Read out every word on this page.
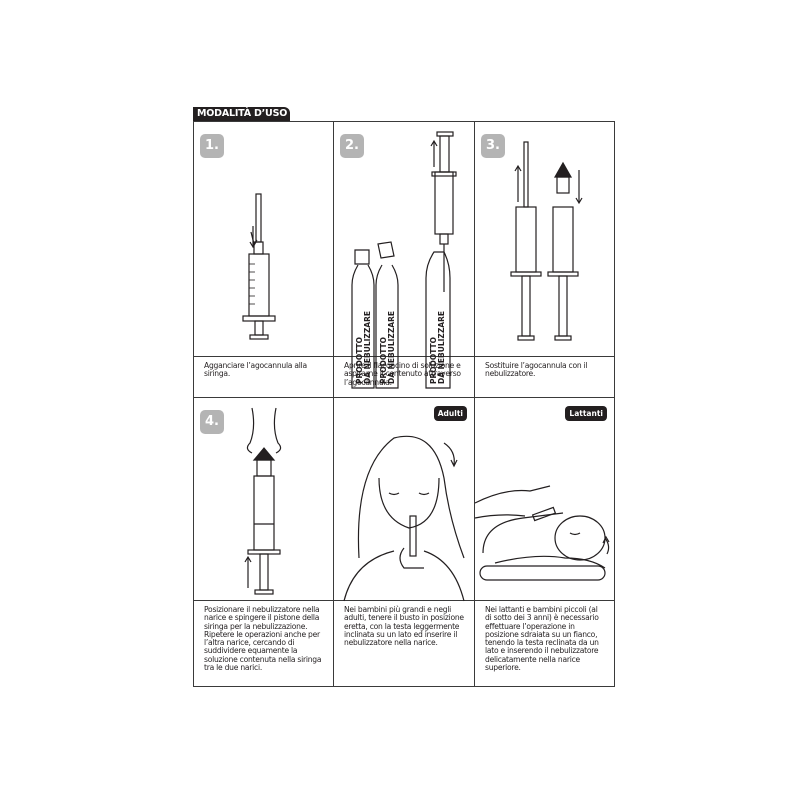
MODALITÀ D’USO
1.	2.
PRODOTTO DA NEBULIZZARE PRODOTTO DA NEBULIZZARE	PRODOTTO DA NEBULIZZARE
3.
Agganciare l’agocannula alla siringa.
Aprire il flaconcino di soluzione e aspirarne il contenuto attraverso l’agocannula.
Sostituire l’agocannula con il nebulizzatore.
4.
Adulti	Lattanti
Posizionare il nebulizzatore nella narice e spingere il pistone della siringa per la nebulizzazione. Ripetere le operazioni anche per l’altra narice, cercando di suddividere equamente la soluzione contenuta nella siringa tra le due narici.
Nei bambini più grandi e negli adulti, tenere il busto in posizione eretta, con la testa leggermente inclinata su un lato ed inserire il nebulizzatore nella narice.
Nei lattanti e bambini piccoli (al di sotto dei 3 anni) è necessario effettuare l’operazione in posizione sdraiata su un fianco, tenendo la testa reclinata da un lato e inserendo il nebulizzatore delicatamente nella narice superiore.
